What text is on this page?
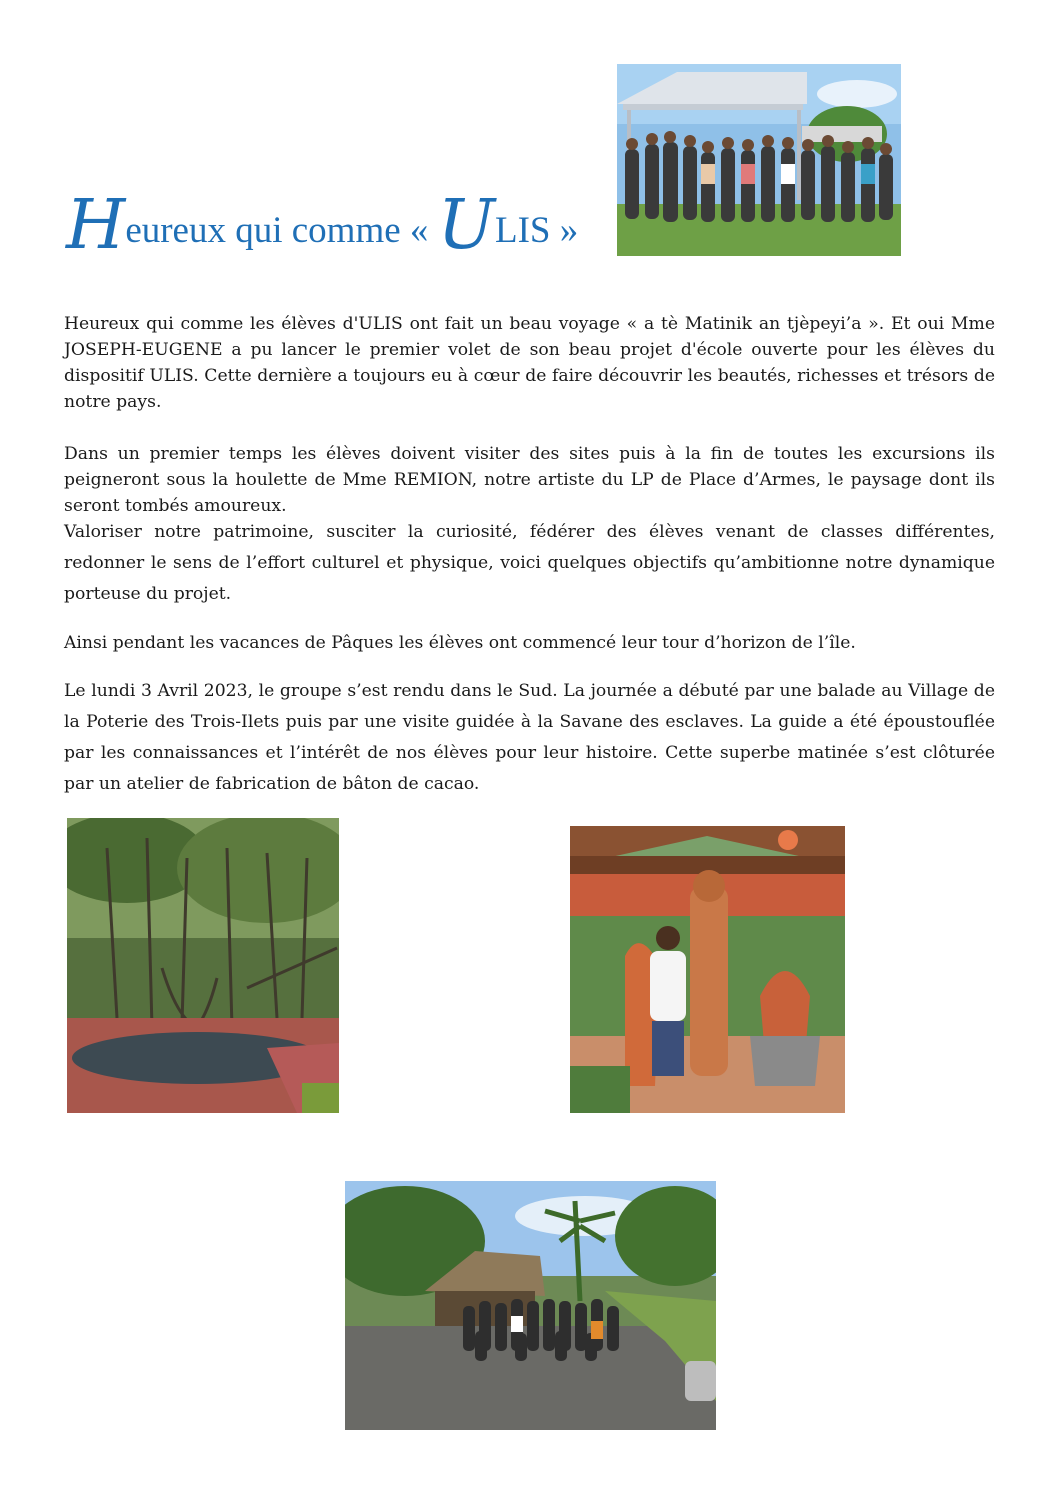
Heureux qui comme « ULIS »

Heureux qui comme les élèves d'ULIS ont fait un beau voyage « a tè Matinik an tjèpeyi’a ». Et oui Mme JOSEPH-EUGENE a pu lancer le premier volet de son beau projet d'école ouverte pour les élèves du dispositif ULIS. Cette dernière a toujours eu à cœur de faire découvrir les beautés, richesses et trésors de notre pays.

Dans un premier temps les élèves doivent visiter des sites puis à la fin de toutes les excursions ils peigneront sous la houlette de Mme REMION, notre artiste du LP de Place d’Armes, le paysage dont ils seront tombés amoureux.

Valoriser notre patrimoine, susciter la curiosité, fédérer des élèves venant de classes différentes, redonner le sens de l’effort culturel et physique, voici quelques objectifs qu’ambitionne notre dynamique porteuse du projet.

Ainsi pendant les vacances de Pâques les élèves ont commencé leur tour d’horizon de l’île.

Le lundi 3 Avril 2023, le groupe s’est rendu dans le Sud. La journée a débuté par une balade au Village de la Poterie des Trois-Ilets puis par une visite guidée à la Savane des esclaves. La guide a été époustouflée par les connaissances et l’intérêt de nos élèves pour leur histoire. Cette superbe matinée s’est clôturée par un atelier de fabrication de bâton de cacao.
